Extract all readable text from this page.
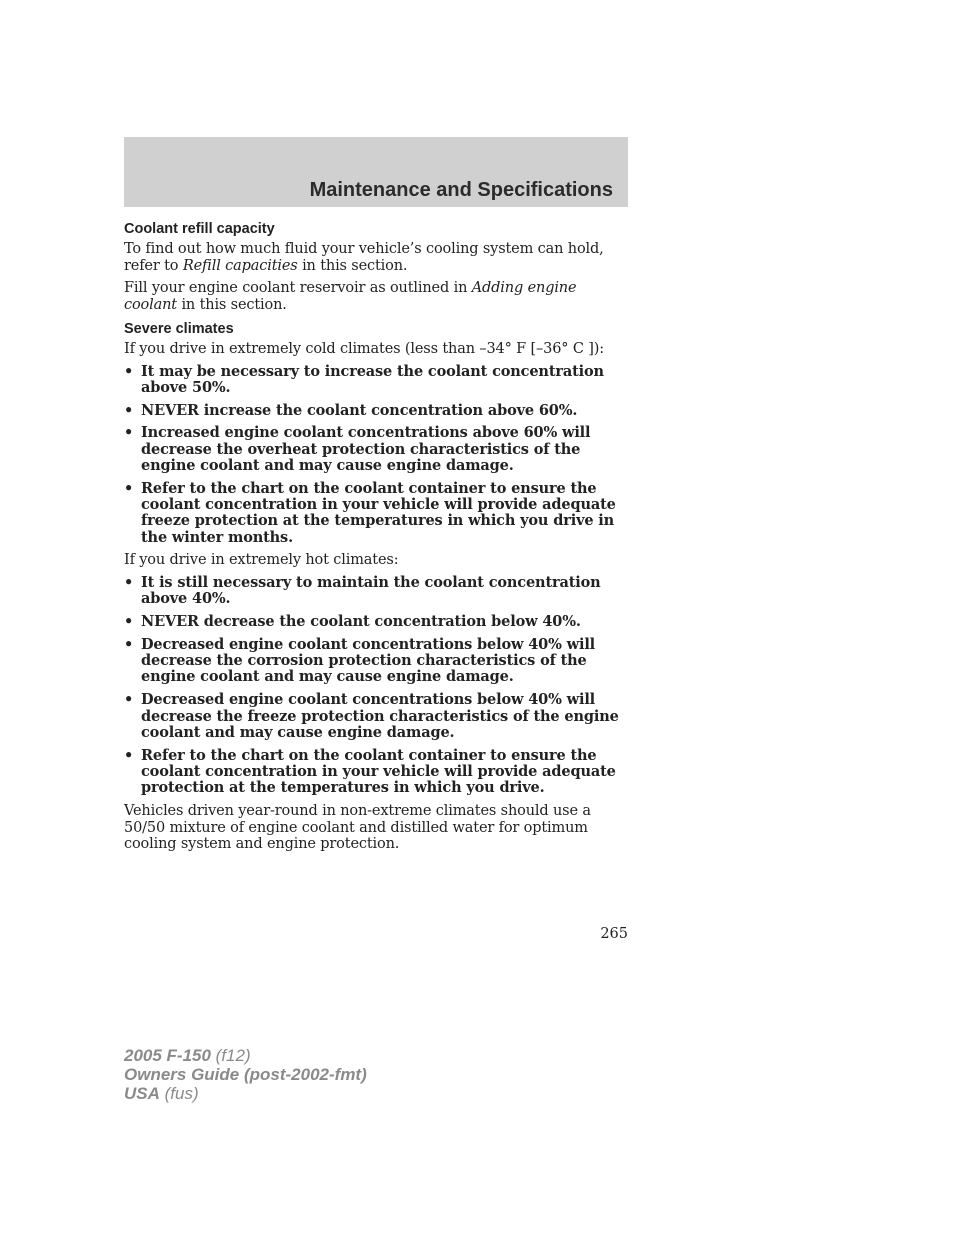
Maintenance and Specifications
Coolant refill capacity

To find out how much fluid your vehicle’s cooling system can hold, refer to Refill capacities in this section.

Fill your engine coolant reservoir as outlined in Adding engine coolant in this section.

Severe climates

If you drive in extremely cold climates (less than –34° F [–36° C ]):

• It may be necessary to increase the coolant concentration above 50%.
• NEVER increase the coolant concentration above 60%.
• Increased engine coolant concentrations above 60% will decrease the overheat protection characteristics of the engine coolant and may cause engine damage.
• Refer to the chart on the coolant container to ensure the coolant concentration in your vehicle will provide adequate freeze protection at the temperatures in which you drive in the winter months.

If you drive in extremely hot climates:

• It is still necessary to maintain the coolant concentration above 40%.
• NEVER decrease the coolant concentration below 40%.
• Decreased engine coolant concentrations below 40% will decrease the corrosion protection characteristics of the engine coolant and may cause engine damage.
• Decreased engine coolant concentrations below 40% will decrease the freeze protection characteristics of the engine coolant and may cause engine damage.
• Refer to the chart on the coolant container to ensure the coolant concentration in your vehicle will provide adequate protection at the temperatures in which you drive.

Vehicles driven year-round in non-extreme climates should use a 50/50 mixture of engine coolant and distilled water for optimum cooling system and engine protection.

265
2005 F-150 (f12)
Owners Guide (post-2002-fmt)
USA (fus)
